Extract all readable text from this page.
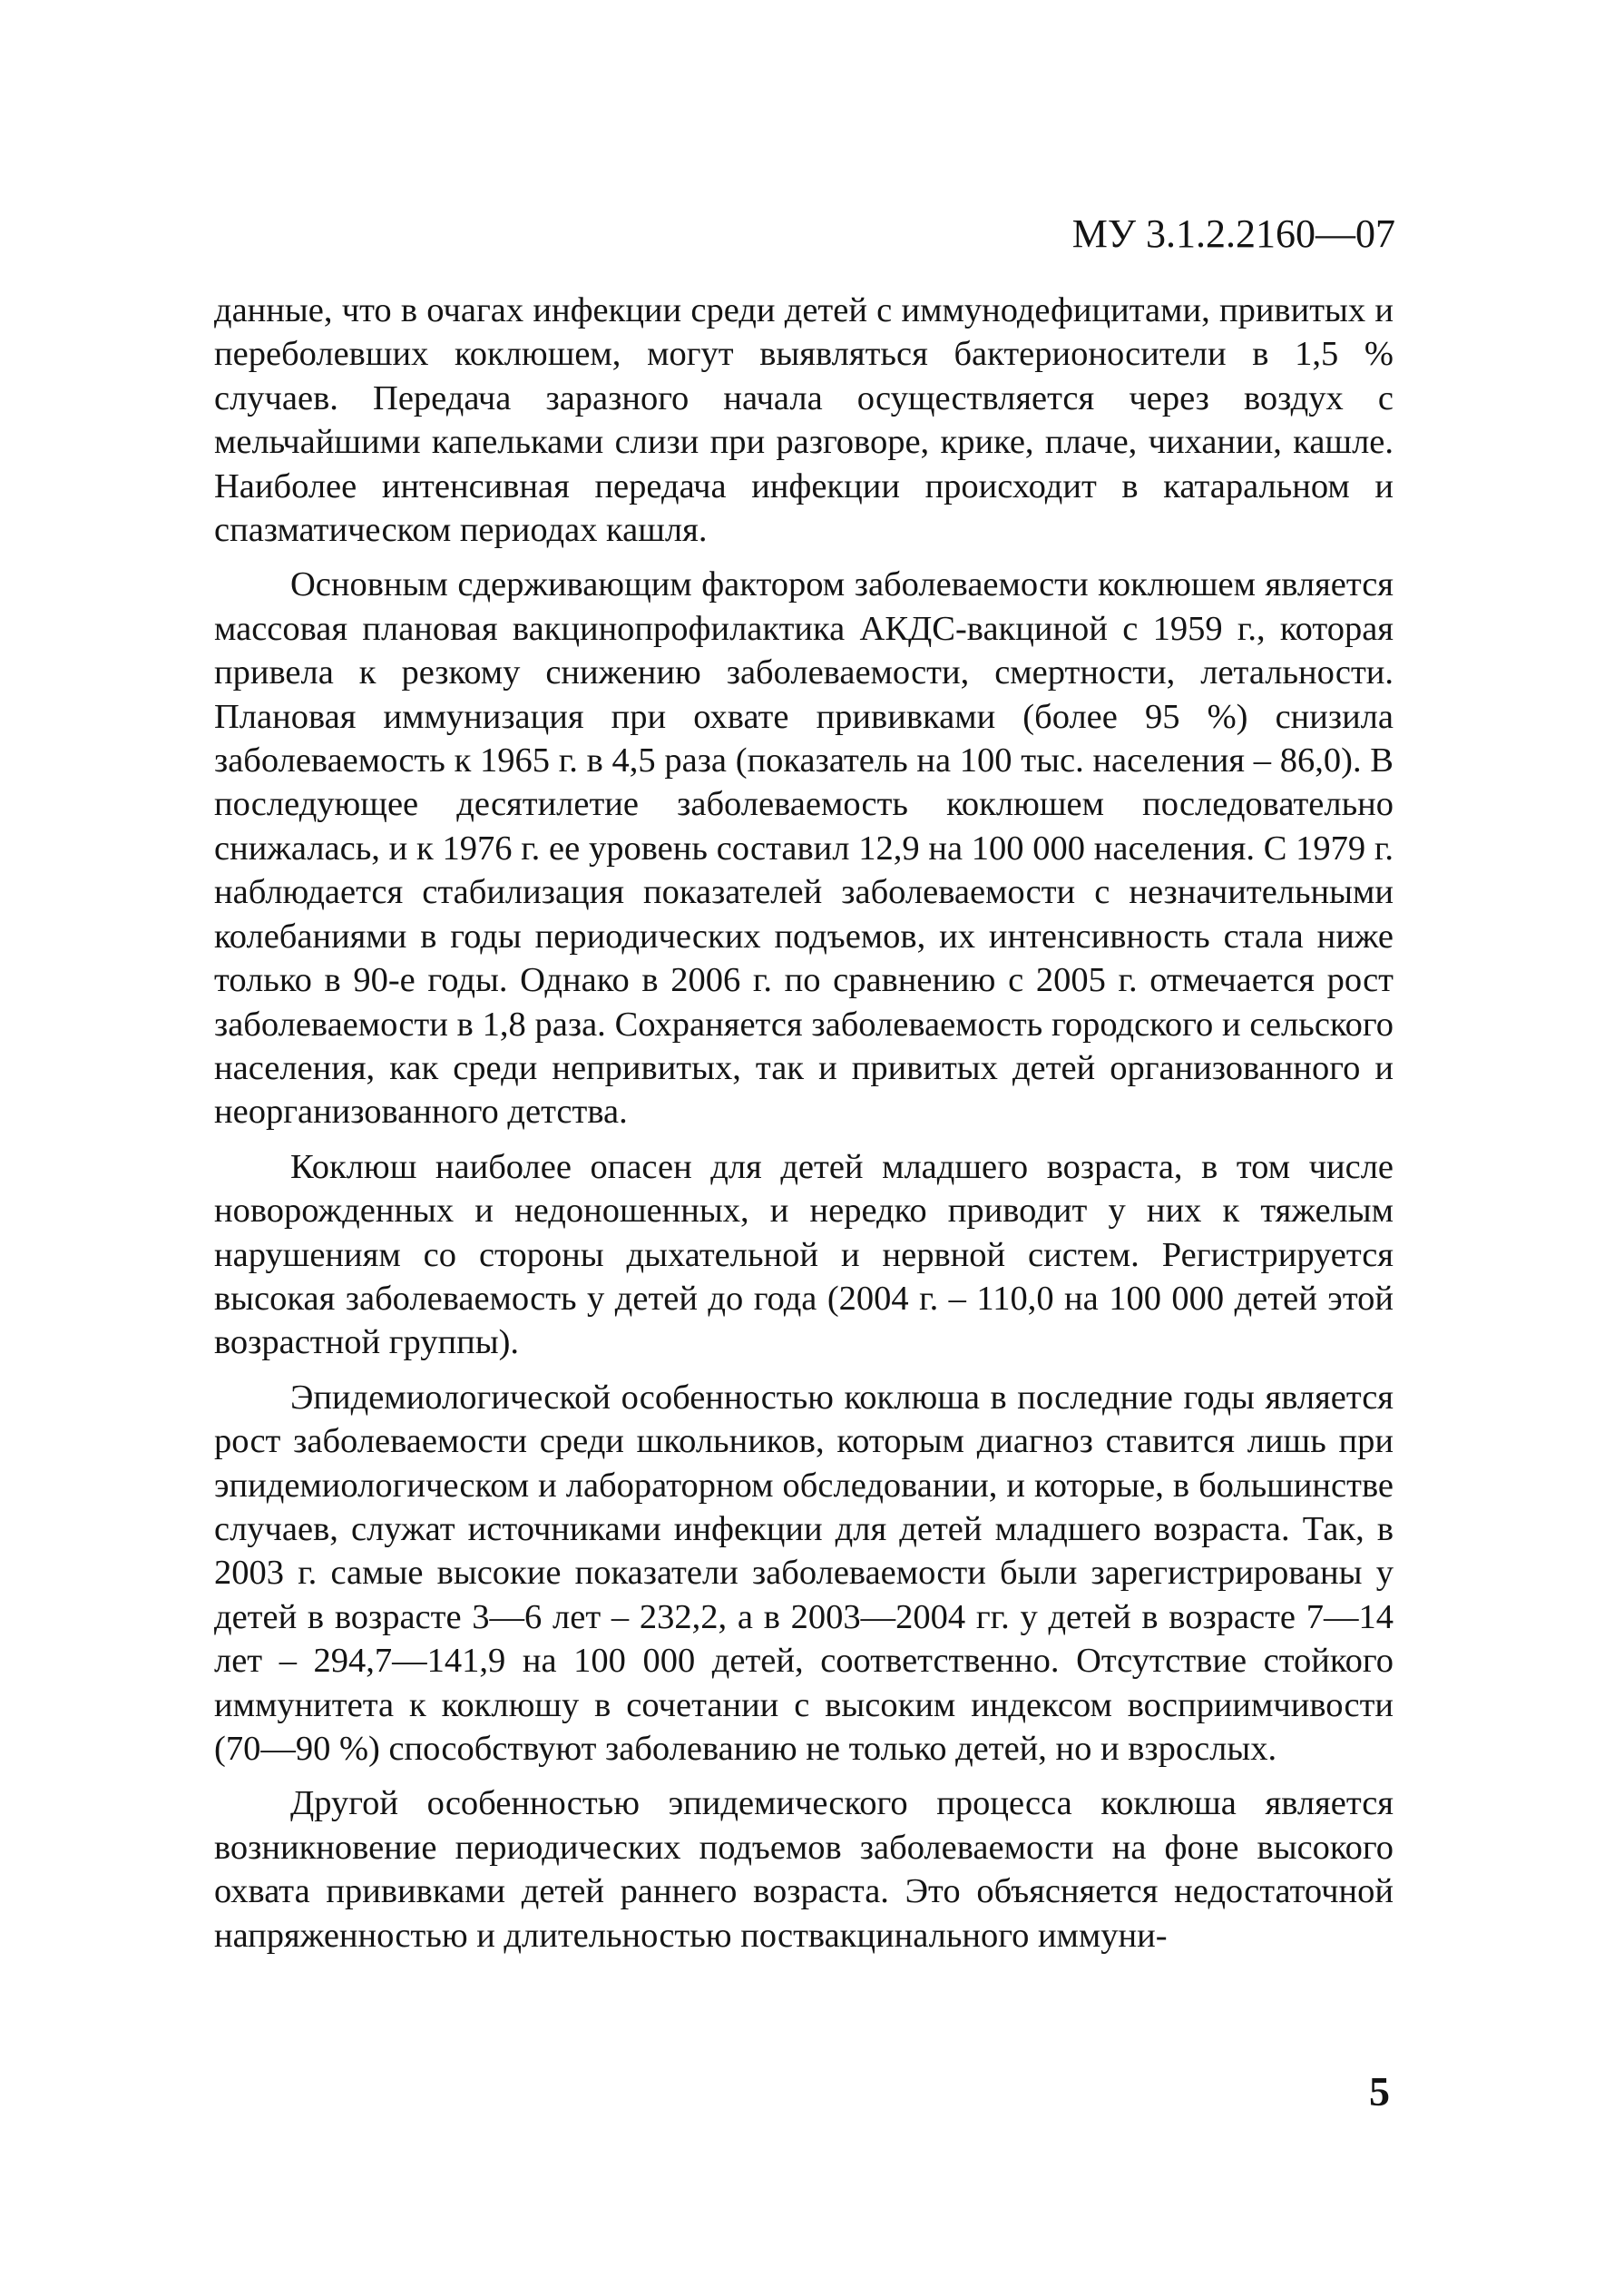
МУ 3.1.2.2160—07

данные, что в очагах инфекции среди детей с иммунодефицитами, привитых и переболевших коклюшем, могут выявляться бактерионосители в 1,5 % случаев. Передача заразного начала осуществляется через воздух с мельчайшими капельками слизи при разговоре, крике, плаче, чихании, кашле. Наиболее интенсивная передача инфекции происходит в катаральном и спазматическом периодах кашля.

Основным сдерживающим фактором заболеваемости коклюшем является массовая плановая вакцинопрофилактика АКДС-вакциной с 1959 г., которая привела к резкому снижению заболеваемости, смертности, летальности. Плановая иммунизация при охвате прививками (более 95 %) снизила заболеваемость к 1965 г. в 4,5 раза (показатель на 100 тыс. населения – 86,0). В последующее десятилетие заболеваемость коклюшем последовательно снижалась, и к 1976 г. ее уровень составил 12,9 на 100 000 населения. С 1979 г. наблюдается стабилизация показателей заболеваемости с незначительными колебаниями в годы периодических подъемов, их интенсивность стала ниже только в 90-е годы. Однако в 2006 г. по сравнению с 2005 г. отмечается рост заболеваемости в 1,8 раза. Сохраняется заболеваемость городского и сельского населения, как среди непривитых, так и привитых детей организованного и неорганизованного детства.

Коклюш наиболее опасен для детей младшего возраста, в том числе новорожденных и недоношенных, и нередко приводит у них к тяжелым нарушениям со стороны дыхательной и нервной систем. Регистрируется высокая заболеваемость у детей до года (2004 г. – 110,0 на 100 000 детей этой возрастной группы).

Эпидемиологической особенностью коклюша в последние годы является рост заболеваемости среди школьников, которым диагноз ставится лишь при эпидемиологическом и лабораторном обследовании, и которые, в большинстве случаев, служат источниками инфекции для детей младшего возраста. Так, в 2003 г. самые высокие показатели заболеваемости были зарегистрированы у детей в возрасте 3—6 лет – 232,2, а в 2003—2004 гг. у детей в возрасте 7—14 лет – 294,7—141,9 на 100 000 детей, соответственно. Отсутствие стойкого иммунитета к коклюшу в сочетании с высоким индексом восприимчивости (70—90 %) способствуют заболеванию не только детей, но и взрослых.

Другой особенностью эпидемического процесса коклюша является возникновение периодических подъемов заболеваемости на фоне высокого охвата прививками детей раннего возраста. Это объясняется недостаточной напряженностью и длительностью поствакцинального иммуни-

5
